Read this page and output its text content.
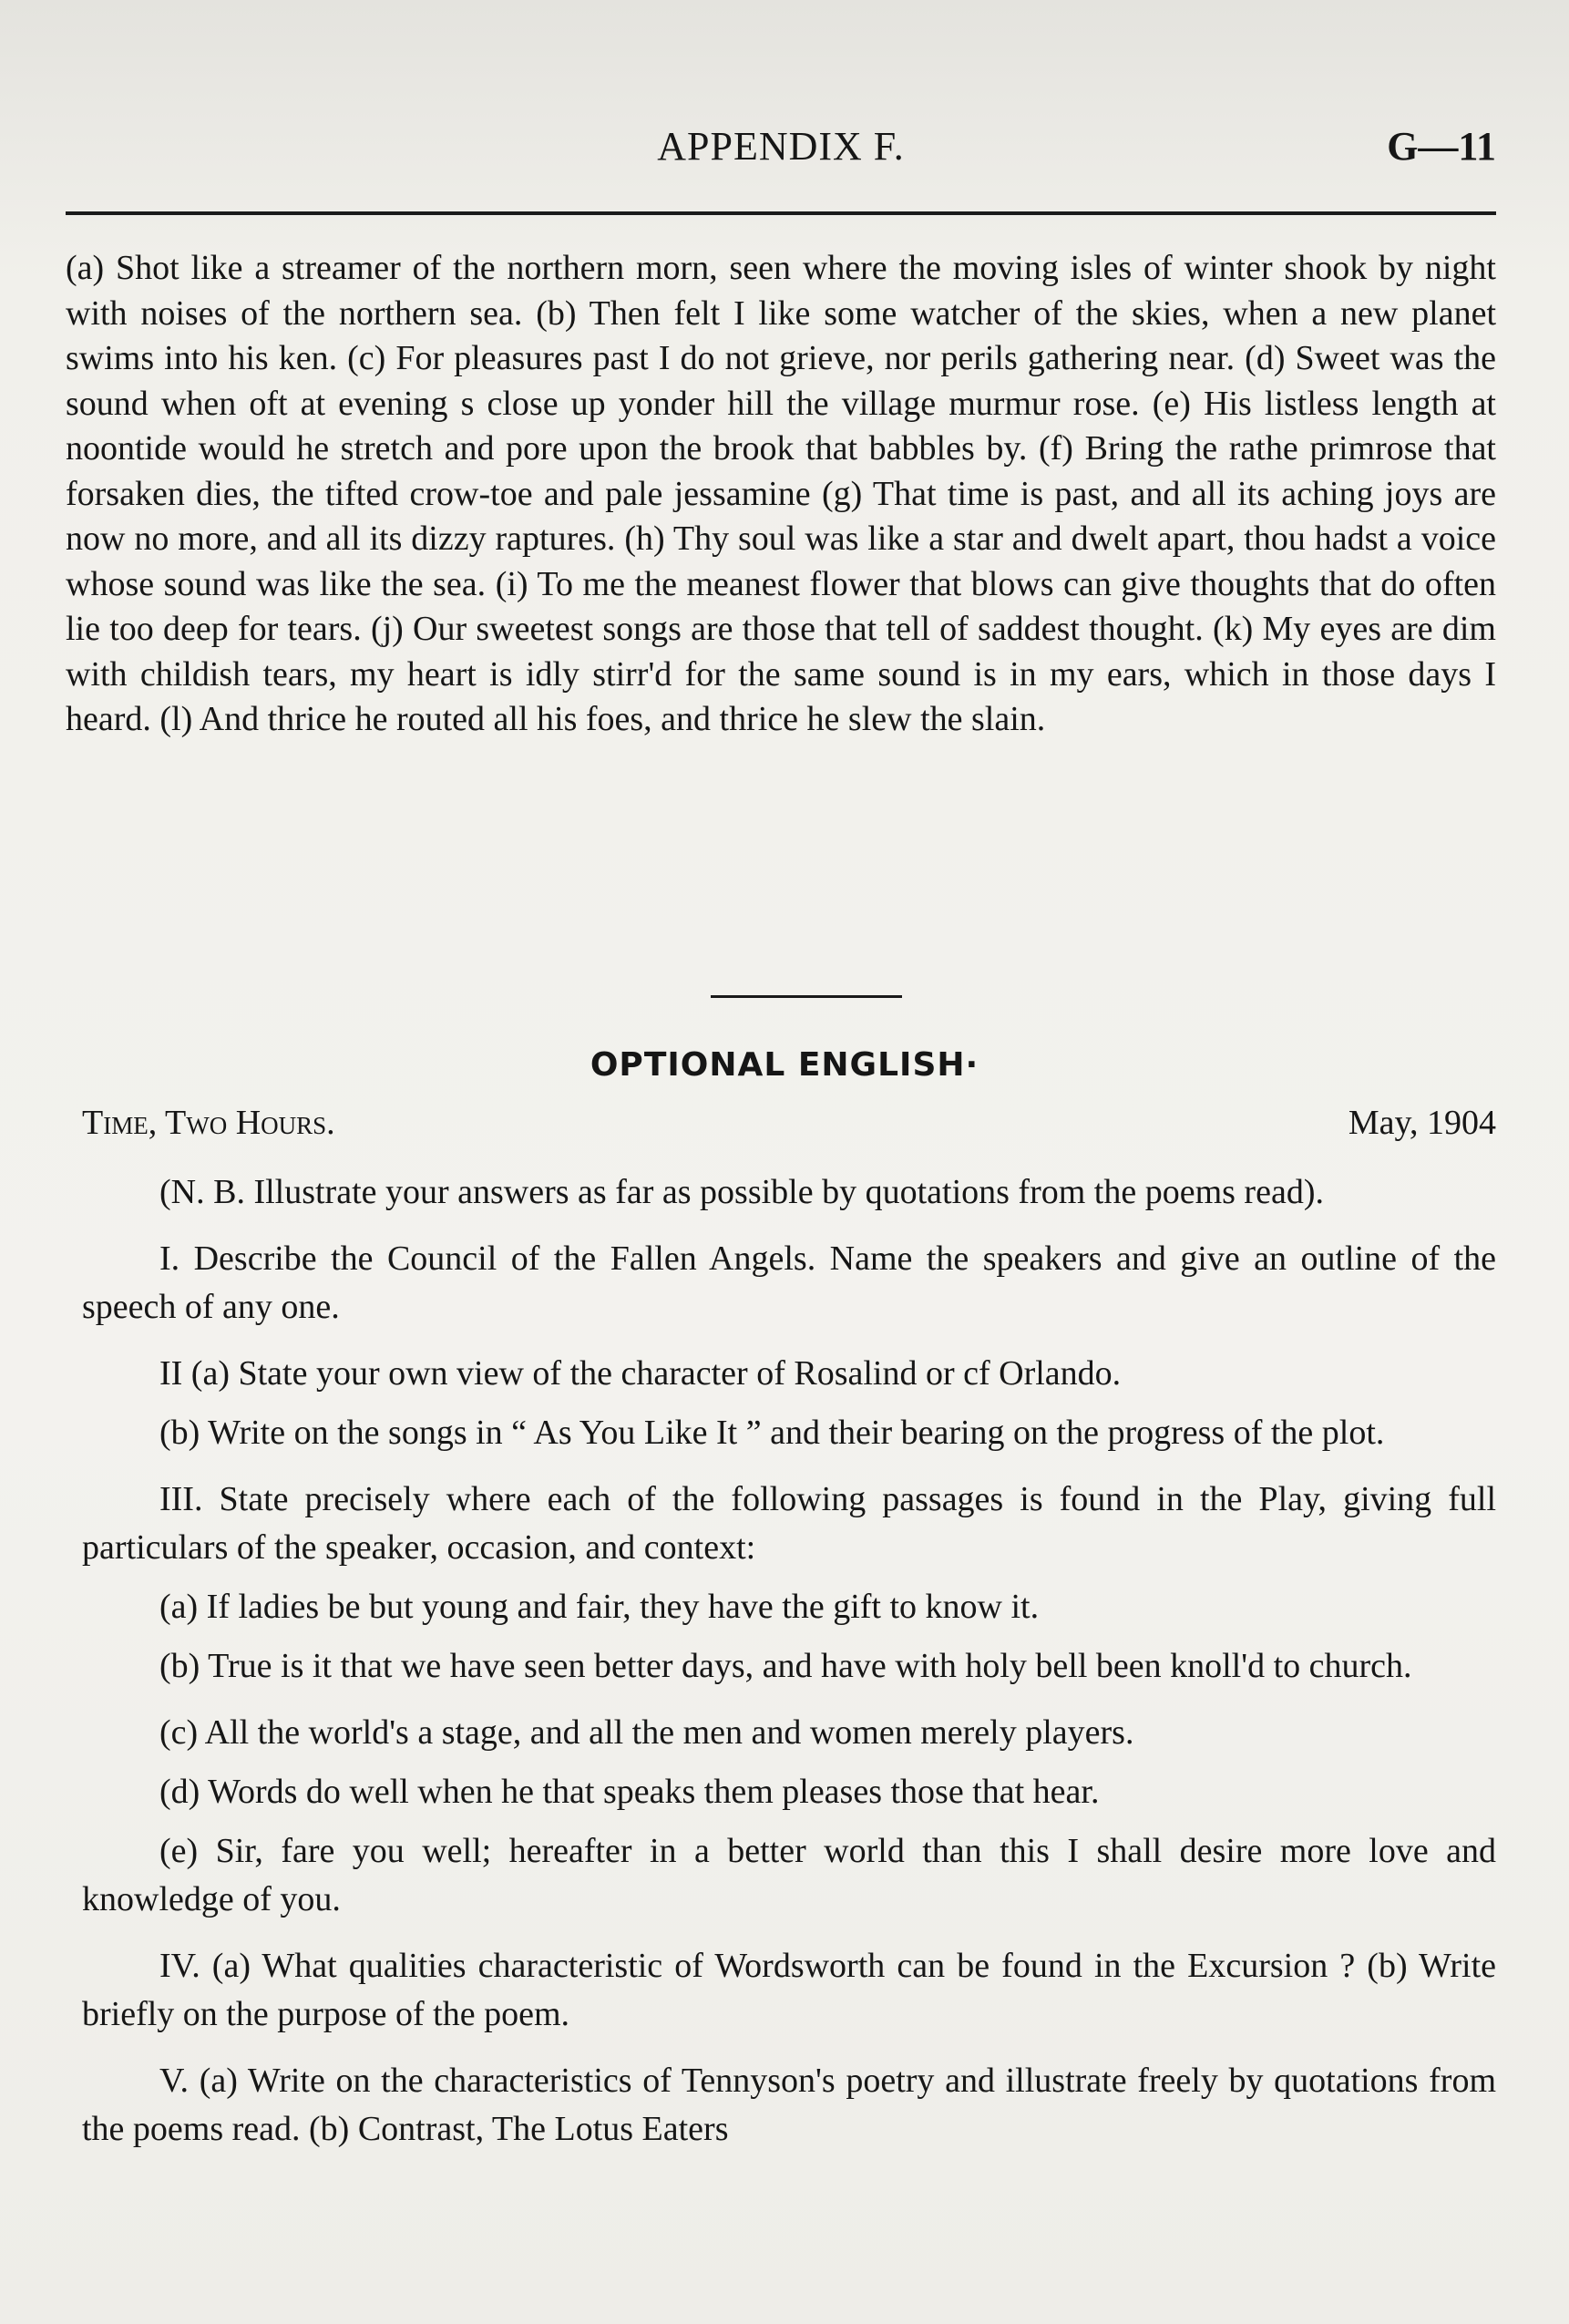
APPENDIX F.	G—11
(a) Shot like a streamer of the northern morn, seen where the moving isles of winter shook by night with noises of the northern sea. (b) Then felt I like some watcher of the skies, when a new planet swims into his ken. (c) For pleasures past I do not grieve, nor perils gathering near. (d) Sweet was the sound when oft at evening s close up yonder hill the village murmur rose. (e) His listless length at noontide would he stretch and pore upon the brook that babbles by. (f) Bring the rathe primrose that forsaken dies, the tifted crow-toe and pale jessamine (g) That time is past, and all its aching joys are now no more, and all its dizzy raptures. (h) Thy soul was like a star and dwelt apart, thou hadst a voice whose sound was like the sea. (i) To me the meanest flower that blows can give thoughts that do often lie too deep for tears. (j) Our sweetest songs are those that tell of saddest thought. (k) My eyes are dim with childish tears, my heart is idly stirr'd for the same sound is in my ears, which in those days I heard. (l) And thrice he routed all his foes, and thrice he slew the slain.
OPTIONAL ENGLISH·
Time, Two Hours.	May, 1904

(N. B. Illustrate your answers as far as possible by quotations from the poems read).

I. Describe the Council of the Fallen Angels. Name the speakers and give an outline of the speech of any one.

II (a) State your own view of the character of Rosalind or cf Orlando.

(b) Write on the songs in “ As You Like It ” and their bearing on the progress of the plot.

III. State precisely where each of the following passages is found in the Play, giving full particulars of the speaker, occasion, and context:

(a) If ladies be but young and fair, they have the gift to know it.

(b) True is it that we have seen better days, and have with holy bell been knoll'd to church.

(c) All the world's a stage, and all the men and women merely players.

(d) Words do well when he that speaks them pleases those that hear.

(e) Sir, fare you well; hereafter in a better world than this I shall desire more love and knowledge of you.

IV. (a) What qualities characteristic of Wordsworth can be found in the Excursion ? (b) Write briefly on the purpose of the poem.

V. (a) Write on the characteristics of Tennyson's poetry and illustrate freely by quotations from the poems read. (b) Contrast, The Lotus Eaters
